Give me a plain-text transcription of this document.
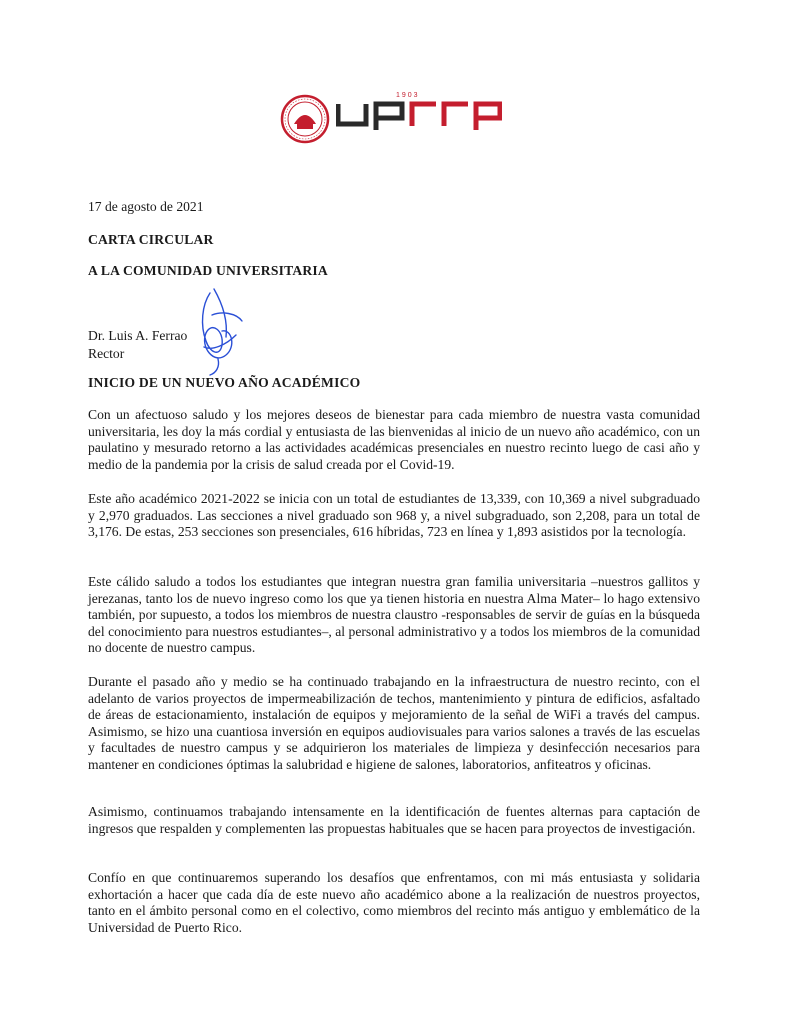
1903
17 de agosto de 2021
CARTA CIRCULAR
A LA COMUNIDAD UNIVERSITARIA
Dr. Luis A. Ferrao
Rector
INICIO DE UN NUEVO AÑO ACADÉMICO

Con un afectuoso saludo y los mejores deseos de bienestar para cada miembro de nuestra vasta comunidad universitaria, les doy la más cordial y entusiasta de las bienvenidas al inicio de un nuevo año académico, con un paulatino y mesurado retorno a las actividades académicas presenciales en nuestro recinto luego de casi año y medio de la pandemia por la crisis de salud creada por el Covid-19.

Este año académico 2021-2022 se inicia con un total de estudiantes de 13,339, con 10,369 a nivel subgraduado y 2,970 graduados. Las secciones a nivel graduado son 968 y, a nivel subgraduado, son 2,208, para un total de 3,176. De estas, 253 secciones son presenciales, 616 híbridas, 723 en línea y 1,893 asistidos por la tecnología.

Este cálido saludo a todos los estudiantes que integran nuestra gran familia universitaria –nuestros gallitos y jerezanas, tanto los de nuevo ingreso como los que ya tienen historia en nuestra Alma Mater– lo hago extensivo también, por supuesto, a todos los miembros de nuestra claustro -responsables de servir de guías en la búsqueda del conocimiento para nuestros estudiantes–, al personal administrativo y a todos los miembros de la comunidad no docente de nuestro campus.

Durante el pasado año y medio se ha continuado trabajando en la infraestructura de nuestro recinto, con el adelanto de varios proyectos de impermeabilización de techos, mantenimiento y pintura de edificios, asfaltado de áreas de estacionamiento, instalación de equipos y mejoramiento de la señal de WiFi a través del campus. Asimismo, se hizo una cuantiosa inversión en equipos audiovisuales para varios salones a través de las escuelas y facultades de nuestro campus y se adquirieron los materiales de limpieza y desinfección necesarios para mantener en condiciones óptimas la salubridad e higiene de salones, laboratorios, anfiteatros y oficinas.

Asimismo, continuamos trabajando intensamente en la identificación de fuentes alternas para captación de ingresos que respalden y complementen las propuestas habituales que se hacen para proyectos de investigación.

Confío en que continuaremos superando los desafíos que enfrentamos, con mi más entusiasta y solidaria exhortación a hacer que cada día de este nuevo año académico abone a la realización de nuestros proyectos, tanto en el ámbito personal como en el colectivo, como miembros del recinto más antiguo y emblemático de la Universidad de Puerto Rico.
